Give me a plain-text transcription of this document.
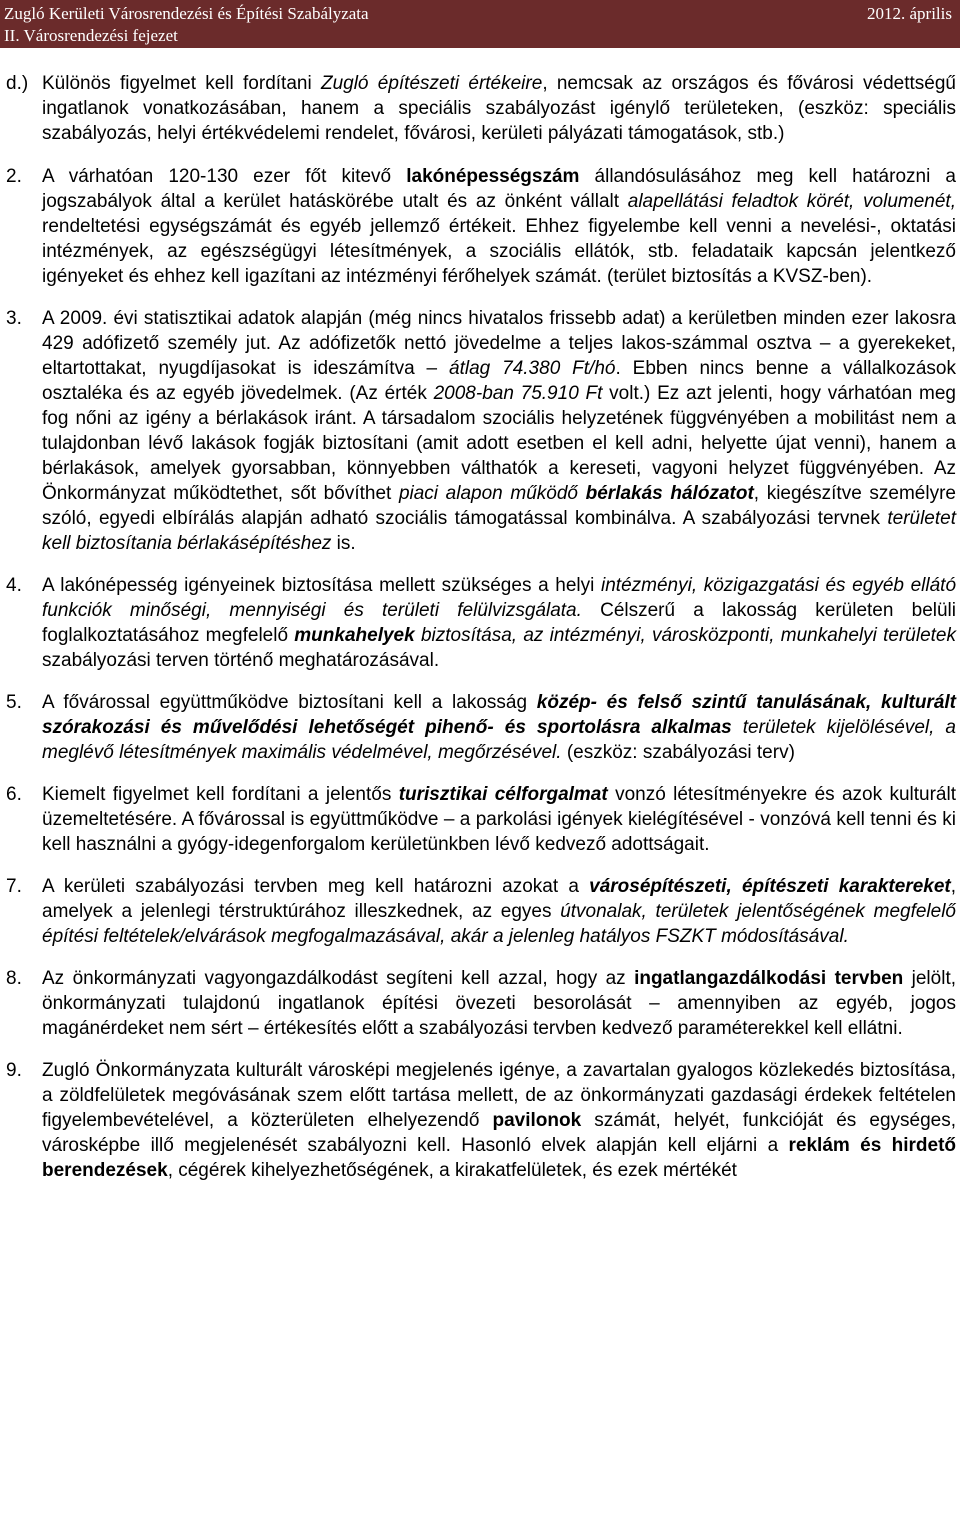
Zugló Kerületi Városrendezési és Építési Szabályzata	2012. április
II. Városrendezési fejezet
d.) Különös figyelmet kell fordítani Zugló építészeti értékeire, nemcsak az országos és fővárosi védettségű ingatlanok vonatkozásában, hanem a speciális szabályozást igénylő területeken, (eszköz: speciális szabályozás, helyi értékvédelemi rendelet, fővárosi, kerületi pályázati támogatások, stb.)
2. A várhatóan 120-130 ezer főt kitevő lakónépességszám állandósulásához meg kell határozni a jogszabályok által a kerület hatáskörébe utalt és az önként vállalt alapellátási feladtok körét, volumenét, rendeltetési egységszámát és egyéb jellemző értékeit. Ehhez figyelembe kell venni a nevelési-, oktatási intézmények, az egészségügyi létesítmények, a szociális ellátók, stb. feladataik kapcsán jelentkező igényeket és ehhez kell igazítani az intézményi férőhelyek számát. (terület biztosítás a KVSZ-ben).
3. A 2009. évi statisztikai adatok alapján (még nincs hivatalos frissebb adat) a kerületben minden ezer lakosra 429 adófizető személy jut. Az adófizetők nettó jövedelme a teljes lakos-számmal osztva – a gyerekeket, eltartottakat, nyugdíjasokat is ideszámítva – átlag 74.380 Ft/hó. Ebben nincs benne a vállalkozások osztaléka és az egyéb jövedelmek. (Az érték 2008-ban 75.910 Ft volt.) Ez azt jelenti, hogy várhatóan meg fog nőni az igény a bérlakások iránt. A társadalom szociális helyzetének függvényében a mobilitást nem a tulajdonban lévő lakások fogják biztosítani (amit adott esetben el kell adni, helyette újat venni), hanem a bérlakások, amelyek gyorsabban, könnyebben válthatók a kereseti, vagyoni helyzet függvényében. Az Önkormányzat működtethet, sőt bővíthet piaci alapon működő bérlakás hálózatot, kiegészítve személyre szóló, egyedi elbírálás alapján adható szociális támogatással kombinálva. A szabályozási tervnek területet kell biztosítania bérlakásépítéshez is.
4. A lakónépesség igényeinek biztosítása mellett szükséges a helyi intézményi, közigazgatási és egyéb ellátó funkciók minőségi, mennyiségi és területi felülvizsgálata. Célszerű a lakosság kerületen belüli foglalkoztatásához megfelelő munkahelyek biztosítása, az intézményi, városközponti, munkahelyi területek szabályozási terven történő meghatározásával.
5. A fővárossal együttműködve biztosítani kell a lakosság közép- és felső szintű tanulásának, kulturált szórakozási és művelődési lehetőségét pihenő- és sportolásra alkalmas területek kijelölésével, a meglévő létesítmények maximális védelmével, megőrzésével. (eszköz: szabályozási terv)
6. Kiemelt figyelmet kell fordítani a jelentős turisztikai célforgalmat vonzó létesítményekre és azok kulturált üzemeltetésére. A fővárossal is együttműködve – a parkolási igények kielégítésével - vonzóvá kell tenni és ki kell használni a gyógy-idegenforgalom kerületünkben lévő kedvező adottságait.
7. A kerületi szabályozási tervben meg kell határozni azokat a városépítészeti, építészeti karaktereket, amelyek a jelenlegi térstruktúrához illeszkednek, az egyes útvonalak, területek jelentőségének megfelelő építési feltételek/elvárások megfogalmazásával, akár a jelenleg hatályos FSZKT módosításával.
8. Az önkormányzati vagyongazdálkodást segíteni kell azzal, hogy az ingatlangazdálkodási tervben jelölt, önkormányzati tulajdonú ingatlanok építési övezeti besorolását – amennyiben az egyéb, jogos magánérdeket nem sért – értékesítés előtt a szabályozási tervben kedvező paraméterekkel kell ellátni.
9. Zugló Önkormányzata kulturált városképi megjelenés igénye, a zavartalan gyalogos közlekedés biztosítása, a zöldfelületek megóvásának szem előtt tartása mellett, de az önkormányzati gazdasági érdekek feltételen figyelembevételével, a közterületen elhelyezendő pavilonok számát, helyét, funkcióját és egységes, városképbe illő megjelenését szabályozni kell. Hasonló elvek alapján kell eljárni a reklám és hirdető berendezések, cégérek kihelyezhetőségének, a kirakatfelületek, és ezek mértékét
